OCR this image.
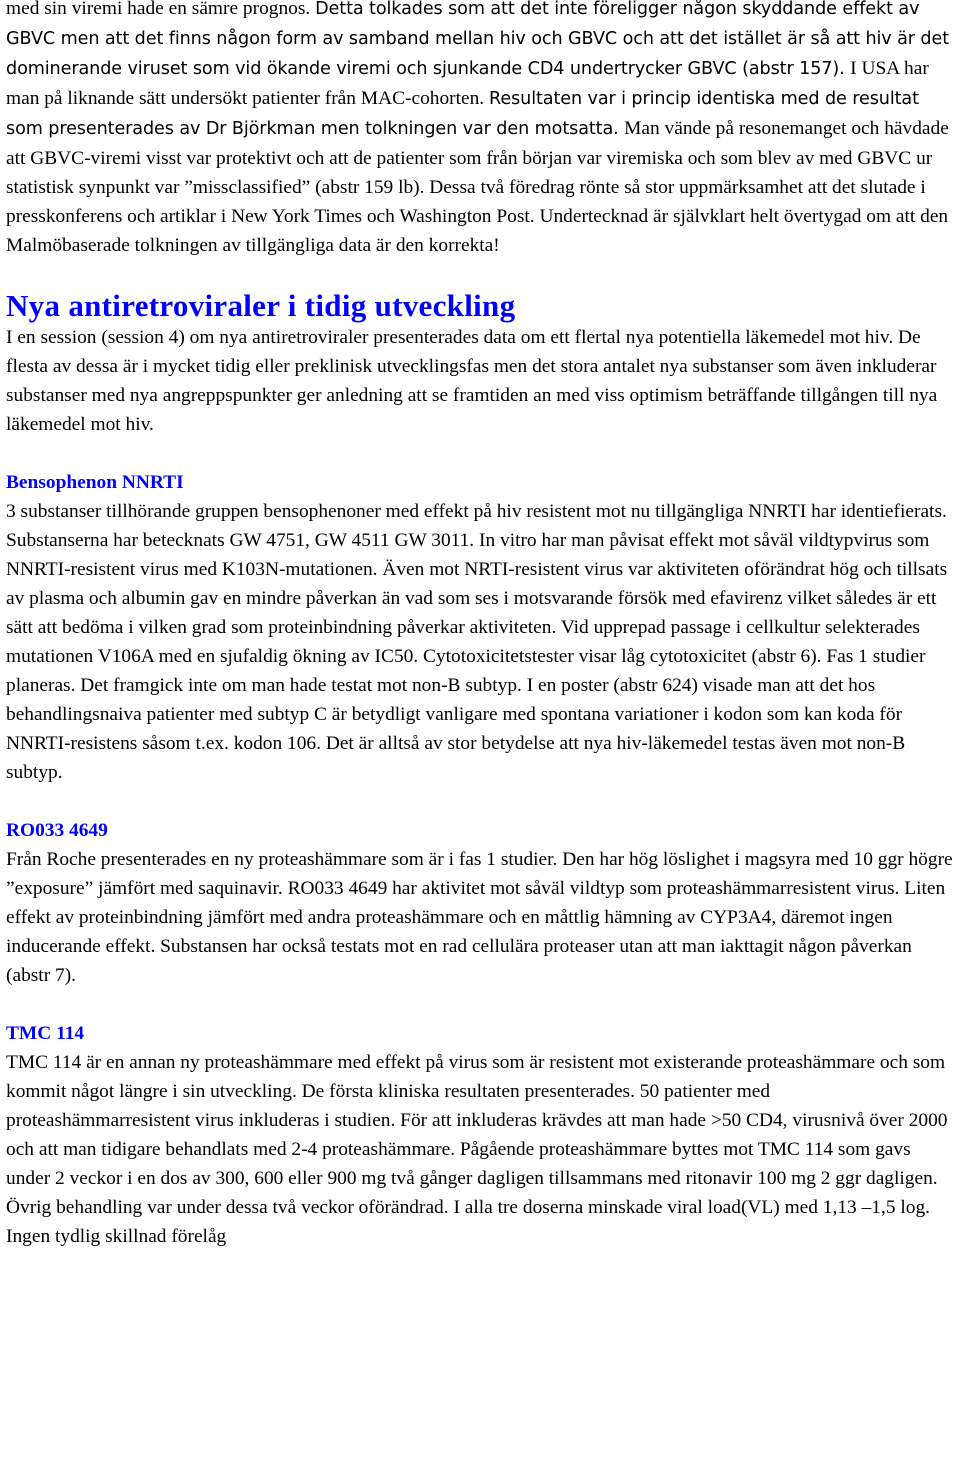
med sin viremi hade en sämre prognos. Detta tolkades som att det inte föreligger någon skyddande effekt av GBVC men att det finns någon form av samband mellan hiv och GBVC och att det istället är så att hiv är det dominerande viruset som vid ökande viremi och sjunkande CD4 undertrycker GBVC (abstr 157). I USA har man på liknande sätt undersökt patienter från MAC-cohorten. Resultaten var i princip identiska med de resultat som presenterades av Dr Björkman men tolkningen var den motsatta. Man vände på resonemanget och hävdade att GBVC-viremi visst var protektivt och att de patienter som från början var viremiska och som blev av med GBVC ur statistisk synpunkt var ”missclassified” (abstr 159 lb). Dessa två föredrag rönte så stor uppmärksamhet att det slutade i presskonferens och artiklar i New York Times och Washington Post. Undertecknad är självklart helt övertygad om att den Malmöbaserade tolkningen av tillgängliga data är den korrekta!

Nya antiretroviraler i tidig utveckling

I en session (session 4) om nya antiretroviraler presenterades data om ett flertal nya potentiella läkemedel mot hiv. De flesta av dessa är i mycket tidig eller preklinisk utvecklingsfas men det stora antalet nya substanser som även inkluderar substanser med nya angreppspunkter ger anledning att se framtiden an med viss optimism beträffande tillgången till nya läkemedel mot hiv.

Bensophenon NNRTI

3 substanser tillhörande gruppen bensophenoner med effekt på hiv resistent mot nu tillgängliga NNRTI har identiefierats. Substanserna har betecknats GW 4751, GW 4511 GW 3011. In vitro har man påvisat effekt mot såväl vildtypvirus som NNRTI-resistent virus med K103N-mutationen. Även mot NRTI-resistent virus var aktiviteten oförändrat hög och tillsats av plasma och albumin gav en mindre påverkan än vad som ses i motsvarande försök med efavirenz vilket således är ett sätt att bedöma i vilken grad som proteinbindning påverkar aktiviteten. Vid upprepad passage i cellkultur selekterades mutationen V106A med en sjufaldig ökning av IC50. Cytotoxicitetstester visar låg cytotoxicitet (abstr 6). Fas 1 studier planeras. Det framgick inte om man hade testat mot non-B subtyp. I en poster (abstr 624) visade man att det hos behandlingsnaiva patienter med subtyp C är betydligt vanligare med spontana variationer i kodon som kan koda för NNRTI-resistens såsom t.ex. kodon 106. Det är alltså av stor betydelse att nya hiv-läkemedel testas även mot non-B subtyp.

RO033 4649

Från Roche presenterades en ny proteashämmare som är i fas 1 studier. Den har hög löslighet i magsyra med 10 ggr högre ”exposure” jämfört med saquinavir. RO033 4649 har aktivitet mot såväl vildtyp som proteashämmarresistent virus. Liten effekt av proteinbindning jämfört med andra proteashämmare och en måttlig hämning av CYP3A4, däremot ingen inducerande effekt. Substansen har också testats mot en rad cellulära proteaser utan att man iakttagit någon påverkan (abstr 7).

TMC 114

TMC 114 är en annan ny proteashämmare med effekt på virus som är resistent mot existerande proteashämmare och som kommit något längre i sin utveckling. De första kliniska resultaten presenterades. 50 patienter med proteashämmarresistent virus inkluderas i studien. För att inkluderas krävdes att man hade >50 CD4, virusnivå över 2000 och att man tidigare behandlats med 2-4 proteashämmare. Pågående proteashämmare byttes mot TMC 114 som gavs under 2 veckor i en dos av 300, 600 eller 900 mg två gånger dagligen tillsammans med ritonavir 100 mg 2 ggr dagligen. Övrig behandling var under dessa två veckor oförändrad. I alla tre doserna minskade viral load(VL) med 1,13 –1,5 log. Ingen tydlig skillnad förelåg
